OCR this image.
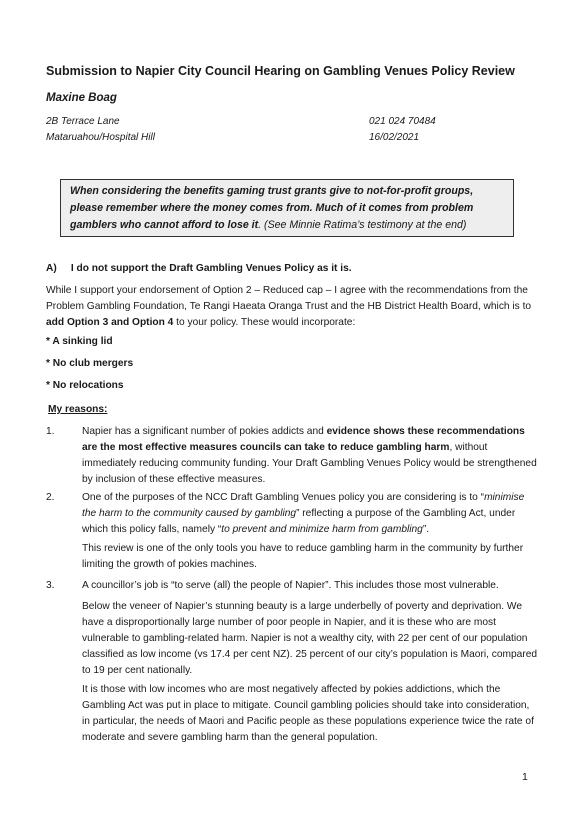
Submission to Napier City Council Hearing on Gambling Venues Policy Review
Maxine Boag
2B Terrace Lane
Mataruahou/Hospital Hill
021 024 70484
16/02/2021
When considering the benefits gaming trust grants give to not-for-profit groups, please remember where the money comes from. Much of it comes from problem gamblers who cannot afford to lose it. (See Minnie Ratima’s testimony at the end)
A) I do not support the Draft Gambling Venues Policy as it is.
While I support your endorsement of Option 2 – Reduced cap – I agree with the recommendations from the Problem Gambling Foundation, Te Rangi Haeata Oranga Trust and the HB District Health Board, which is to add Option 3 and Option 4 to your policy. These would incorporate:
* A sinking lid
* No club mergers
* No relocations
My reasons:
1.	Napier has a significant number of pokies addicts and evidence shows these recommendations are the most effective measures councils can take to reduce gambling harm, without immediately reducing community funding. Your Draft Gambling Venues Policy would be strengthened by inclusion of these effective measures.
2.	One of the purposes of the NCC Draft Gambling Venues policy you are considering is to “minimise the harm to the community caused by gambling” reflecting a purpose of the Gambling Act, under which this policy falls, namely “to prevent and minimize harm from gambling”.
This review is one of the only tools you have to reduce gambling harm in the community by further limiting the growth of pokies machines.
3.	A councillor’s job is “to serve (all) the people of Napier”. This includes those most vulnerable.
Below the veneer of Napier’s stunning beauty is a large underbelly of poverty and deprivation. We have a disproportionally large number of poor people in Napier, and it is these who are most vulnerable to gambling-related harm. Napier is not a wealthy city, with 22 per cent of our population classified as low income (vs 17.4 per cent NZ). 25 percent of our city’s population is Maori, compared to 19 per cent nationally.
It is those with low incomes who are most negatively affected by pokies addictions, which the Gambling Act was put in place to mitigate. Council gambling policies should take into consideration, in particular, the needs of Maori and Pacific people as these populations experience twice the rate of moderate and severe gambling harm than the general population.
1
